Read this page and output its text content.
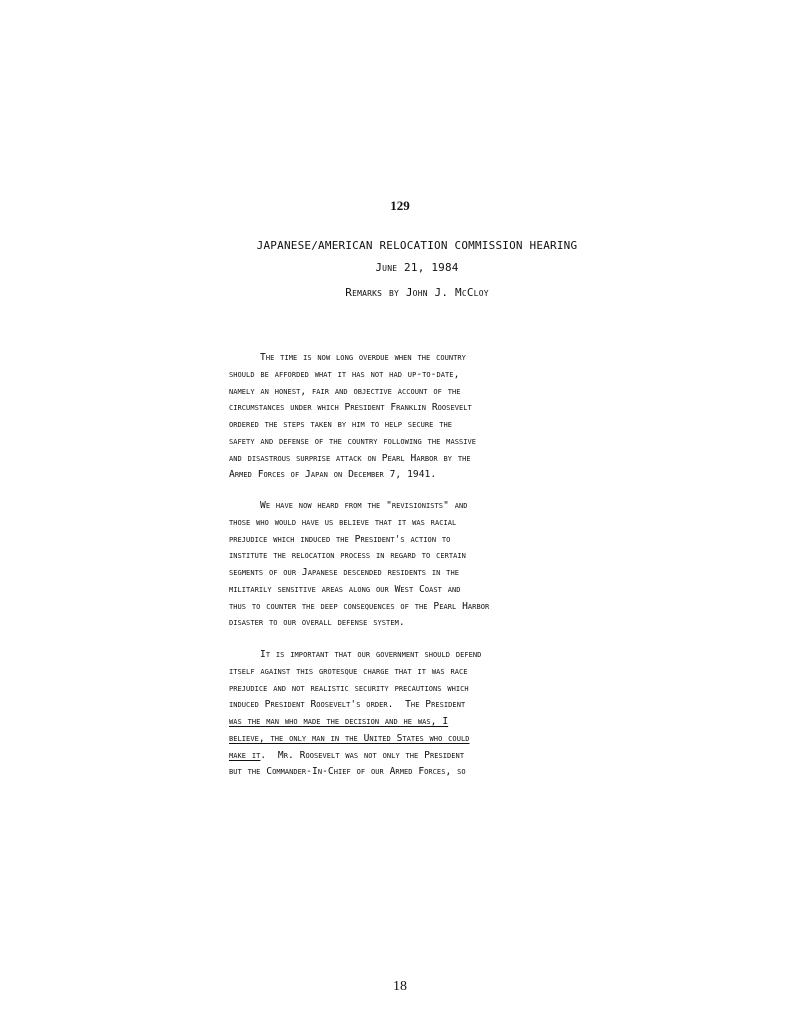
129
JAPANESE/AMERICAN RELOCATION COMMISSION HEARING
June 21, 1984
Remarks by John J. McCloy
The time is now long overdue when the country
should be afforded what it has not had up-to-date,
namely an honest, fair and objective account of the
circumstances under which President Franklin Roosevelt
ordered the steps taken by him to help secure the
safety and defense of the country following the massive
and disastrous surprise attack on Pearl Harbor by the
Armed Forces of Japan on December 7, 1941.
We have now heard from the "revisionists" and
those who would have us believe that it was racial
prejudice which induced the President's action to
institute the relocation process in regard to certain
segments of our Japanese descended residents in the
militarily sensitive areas along our West Coast and
thus to counter the deep consequences of the Pearl Harbor
disaster to our overall defense system.
It is important that our government should defend
itself against this grotesque charge that it was race
prejudice and not realistic security precautions which
induced President Roosevelt's order.  The President
was the man who made the decision and he was, I
believe, the only man in the United States who could
make it.  Mr. Roosevelt was not only the President
but the Commander-In-Chief of our Armed Forces, so
18
